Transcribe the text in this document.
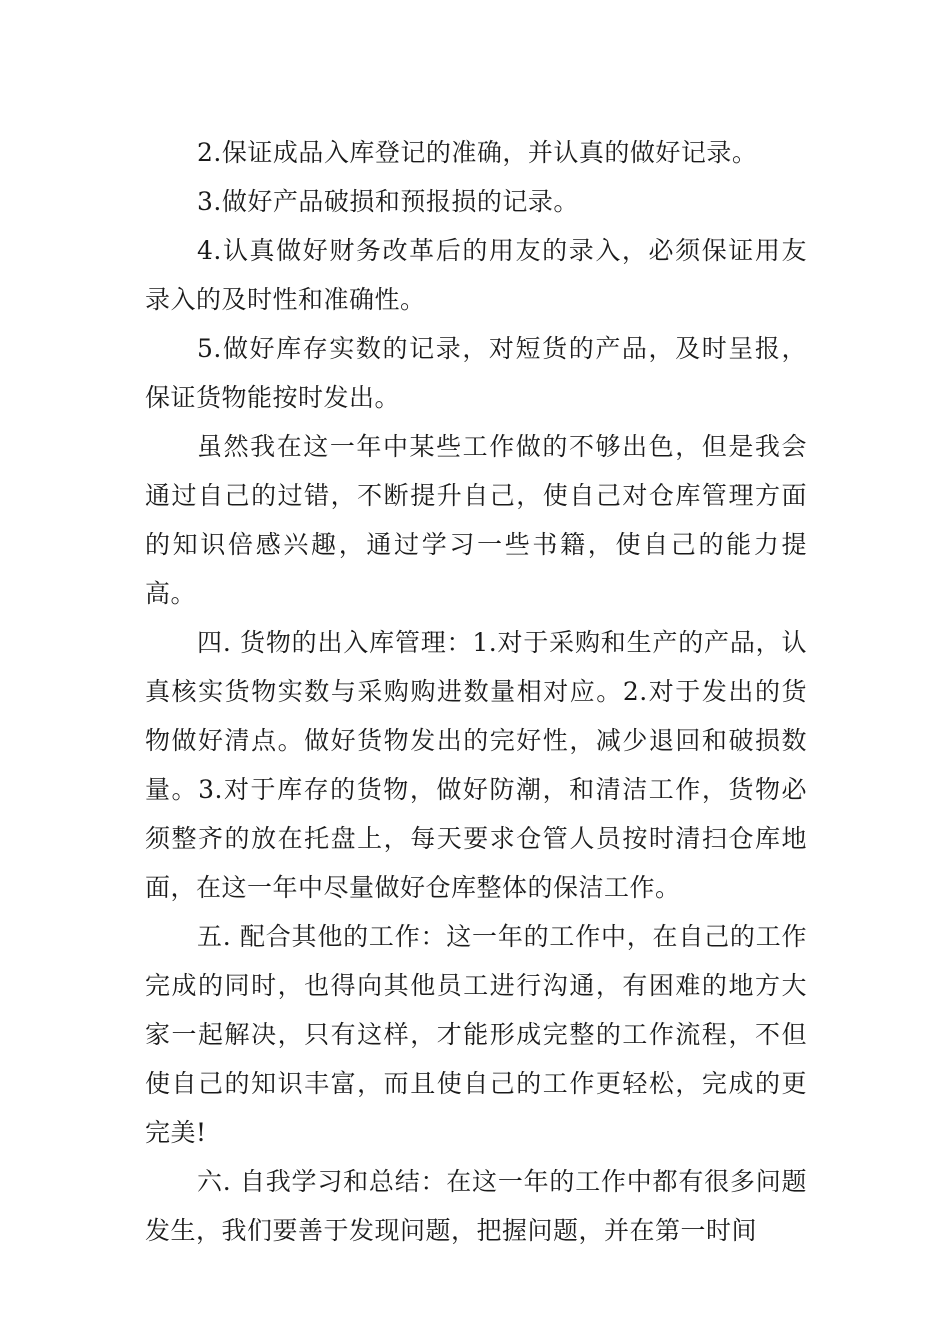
2.保证成品入库登记的准确，并认真的做好记录。

3.做好产品破损和预报损的记录。

4.认真做好财务改革后的用友的录入，必须保证用友录入的及时性和准确性。

5.做好库存实数的记录，对短货的产品，及时呈报，保证货物能按时发出。

虽然我在这一年中某些工作做的不够出色，但是我会通过自己的过错，不断提升自己，使自己对仓库管理方面的知识倍感兴趣，通过学习一些书籍，使自己的能力提高。

四. 货物的出入库管理：1.对于采购和生产的产品，认真核实货物实数与采购购进数量相对应。2.对于发出的货物做好清点。做好货物发出的完好性，减少退回和破损数量。3.对于库存的货物，做好防潮，和清洁工作，货物必须整齐的放在托盘上，每天要求仓管人员按时清扫仓库地面，在这一年中尽量做好仓库整体的保洁工作。

五. 配合其他的工作：这一年的工作中，在自己的工作完成的同时，也得向其他员工进行沟通，有困难的地方大家一起解决，只有这样，才能形成完整的工作流程，不但使自己的知识丰富，而且使自己的工作更轻松，完成的更完美!

六. 自我学习和总结：在这一年的工作中都有很多问题发生，我们要善于发现问题，把握问题，并在第一时间
